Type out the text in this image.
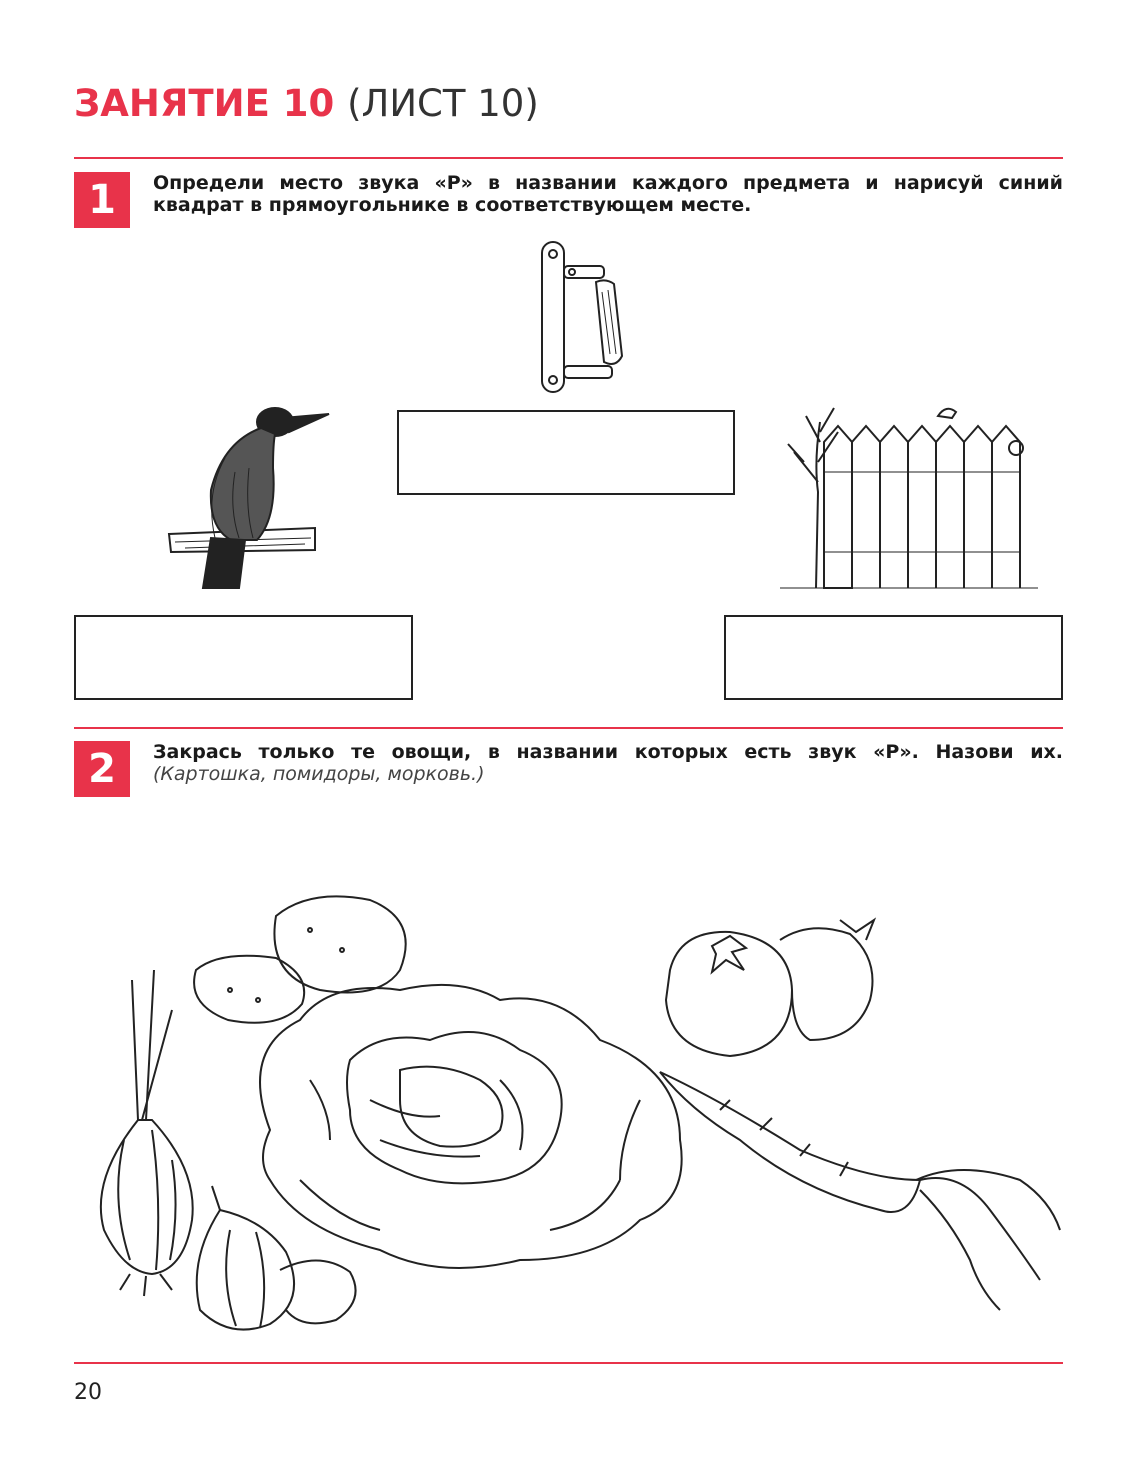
ЗАНЯТИЕ 10 (ЛИСТ 10)
1	Определи место звука «Р» в названии каждого предмета и нарисуй синий квадрат в прямоугольнике в соответствующем месте.

2	Закрась только те овощи, в названии которых есть звук «Р». Назови их. (Картошка, помидоры, морковь.)

20
